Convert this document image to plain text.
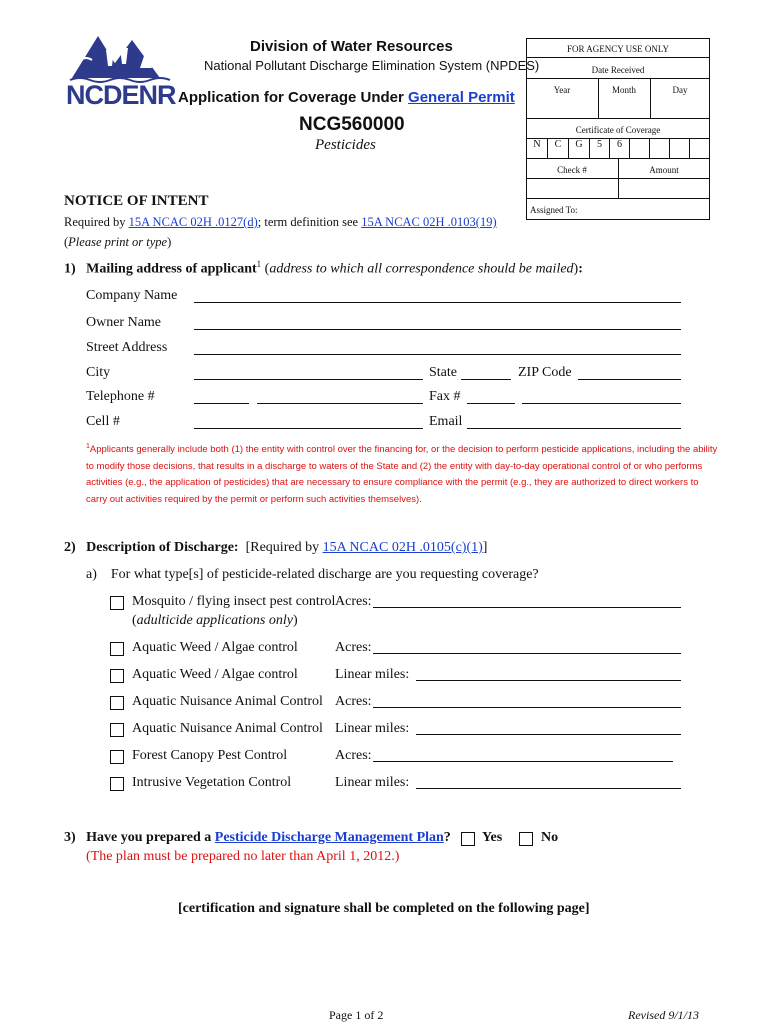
NCDENR
Division of Water Resources
National Pollutant Discharge Elimination System (NPDES)
Application for Coverage Under General Permit
NCG560000
Pesticides
FOR AGENCY USE ONLY
Date Received
Year	Month	Day
Certificate of Coverage
N	C	G	5	6
Check #	Amount
Assigned To:
NOTICE OF INTENT
Required by 15A NCAC 02H .0127(d); term definition see 15A NCAC 02H .0103(19)
(Please print or type)
1) Mailing address of applicant$^1$ (address to which all correspondence should be mailed):
Company Name
Owner Name
Street Address
City	State	ZIP Code
Telephone #	Fax #
Cell #	Email
$^1$Applicants generally include both (1) the entity with control over the financing for, or the decision to perform pesticide applications, including the ability
to modify those decisions, that results in a discharge to waters of the State and (2) the entity with day-to-day operational control of or who performs
activities (e.g., the application of pesticides) that are necessary to ensure compliance with the permit (e.g., they are authorized to direct workers to
carry out activities required by the permit or perform such activities themselves).
2) Description of Discharge: [Required by 15A NCAC 02H .0105(c)(1)]
a) For what type[s] of pesticide-related discharge are you requesting coverage?
Mosquito / flying insect pest control Acres:
(adulticide applications only)
Aquatic Weed / Algae control	Acres:
Aquatic Weed / Algae control	Linear miles:
Aquatic Nuisance Animal Control Acres:
Aquatic Nuisance Animal Control Linear miles:
Forest Canopy Pest Control	Acres:
Intrusive Vegetation Control	Linear miles:
3) Have you prepared a Pesticide Discharge Management Plan? Yes	No
(The plan must be prepared no later than April 1, 2012.)
[certification and signature shall be completed on the following page]
Page 1 of 2	Revised 9/1/13
